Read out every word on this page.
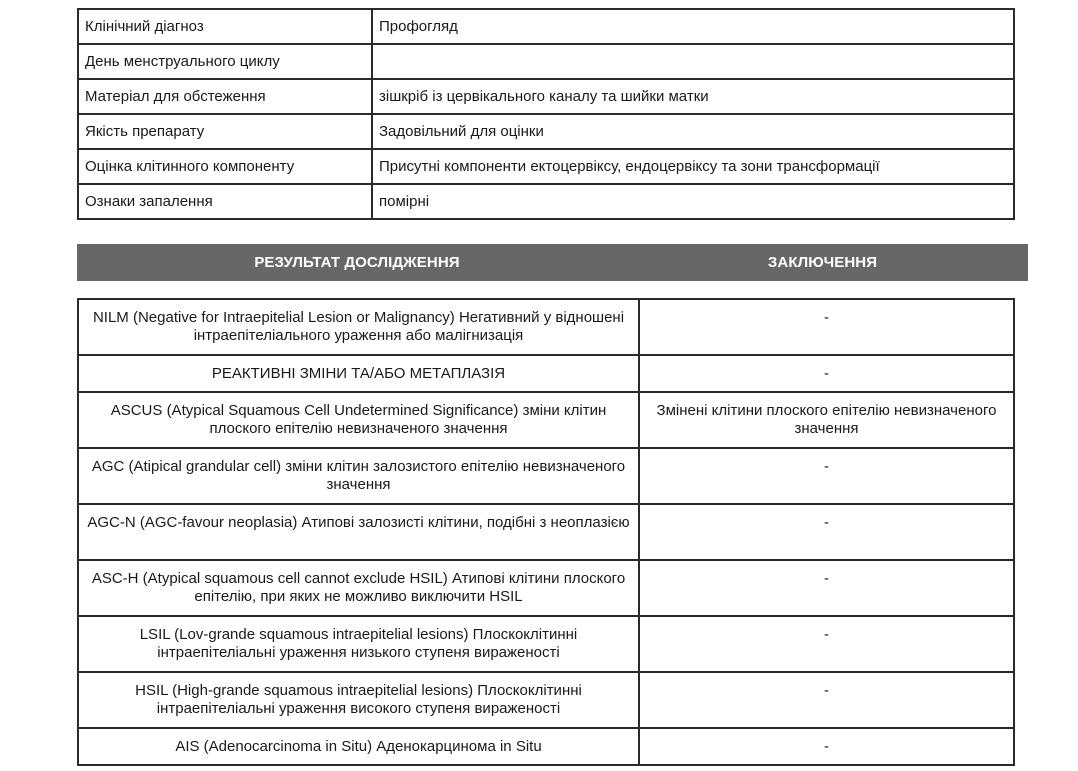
Клінічний діагноз	Профогляд
День менструального циклу	
Матеріал для обстеження	зішкріб із цервікального каналу та шийки матки
Якість препарату	Задовільний для оцінки
Оцінка клітинного компоненту	Присутні компоненти ектоцервіксу, ендоцервіксу та зони трансформації
Ознаки запалення	помірні
РЕЗУЛЬТАТ ДОСЛІДЖЕННЯ	ЗАКЛЮЧЕННЯ
NILM (Negative for Intraepitelial Lesion or Malignancy) Негативний у відношені інтраепітеліального ураження або малігнизація	-
РЕАКТИВНІ ЗМІНИ ТА/АБО МЕТАПЛАЗІЯ	-
ASCUS (Atypical Squamous Cell Undetermined Significance) зміни клітин плоского епітелію невизначеного значення	Змінені клітини плоского епітелію невизначеного значення
AGC (Atipical grandular cell) зміни клітин залозистого епітелію невизначеного значення	-
AGC-N (AGC-favour neoplasia) Атипові залозисті клітини, подібні з неоплазією	-
ASC-H (Atypical squamous cell cannot exclude HSIL) Атипові клітини плоского епітелію, при яких не можливо виключити HSIL	-
LSIL (Lov-grande squamous intraepitelial lesions) Плоскоклітинні інтраепітеліальні ураження низького ступеня вираженості	-
HSIL (High-grande squamous intraepitelial lesions) Плоскоклітинні інтраепітеліальні ураження високого ступеня вираженості	-
AIS (Adenocarcinoma in Situ) Аденокарцинома in Situ	-
